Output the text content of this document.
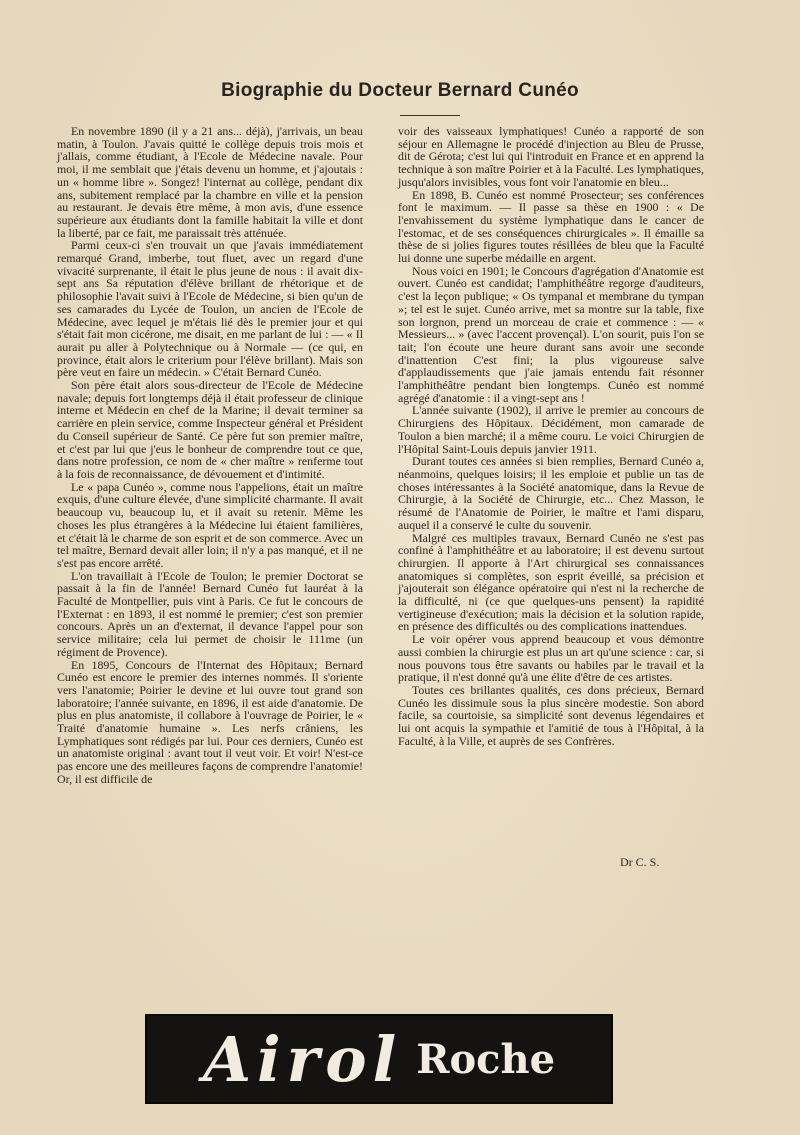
Biographie du Docteur Bernard Cunéo

En novembre 1890 (il y a 21 ans... déjà), j'arrivais, un beau matin, à Toulon. J'avais quitté le collège depuis trois mois et j'allais, comme étudiant, à l'Ecole de Médecine navale. Pour moi, il me semblait que j'étais devenu un homme, et j'ajoutais : un « homme libre ». Songez! l'internat au collège, pendant dix ans, subitement remplacé par la chambre en ville et la pension au restaurant. Je devais être même, à mon avis, d'une essence supérieure aux étudiants dont la famille habitait la ville et dont la liberté, par ce fait, me paraissait très atténuée.

Parmi ceux-ci s'en trouvait un que j'avais immédiatement remarqué Grand, imberbe, tout fluet, avec un regard d'une vivacité surprenante, il était le plus jeune de nous : il avait dix-sept ans Sa réputation d'élève brillant de rhétorique et de philosophie l'avait suivi à l'Ecole de Médecine, si bien qu'un de ses camarades du Lycée de Toulon, un ancien de l'Ecole de Médecine, avec lequel je m'étais lié dès le premier jour et qui s'était fait mon cicérone, me disait, en me parlant de lui : — « Il aurait pu aller à Polytechnique ou à Normale — (ce qui, en province, était alors le criterium pour l'élève brillant). Mais son père veut en faire un médecin. » C'était Bernard Cunéo.

Son père était alors sous-directeur de l'Ecole de Médecine navale; depuis fort longtemps déjà il était professeur de clinique interne et Médecin en chef de la Marine; il devait terminer sa carrière en plein service, comme Inspecteur général et Président du Conseil supérieur de Santé. Ce père fut son premier maître, et c'est par lui que j'eus le bonheur de comprendre tout ce que, dans notre profession, ce nom de « cher maître » renferme tout à la fois de reconnaissance, de dévouement et d'intimité.

Le « papa Cunéo », comme nous l'appelions, était un maître exquis, d'une culture élevée, d'une simplicité charmante. Il avait beaucoup vu, beaucoup lu, et il avait su retenir. Même les choses les plus étrangères à la Médecine lui étaient familières, et c'était là le charme de son esprit et de son commerce. Avec un tel maître, Bernard devait aller loin; il n'y a pas manqué, et il ne s'est pas encore arrêté.

L'on travaillait à l'Ecole de Toulon; le premier Doctorat se passait à la fin de l'année! Bernard Cunéo fut lauréat à la Faculté de Montpellier, puis vint à Paris. Ce fut le concours de l'Externat : en 1893, il est nommé le premier; c'est son premier concours. Après un an d'externat, il devance l'appel pour son service militaire; cela lui permet de choisir le 111me (un régiment de Provence).

En 1895, Concours de l'Internat des Hôpitaux; Bernard Cunéo est encore le premier des internes nommés. Il s'oriente vers l'anatomie; Poirier le devine et lui ouvre tout grand son laboratoire; l'année suivante, en 1896, il est aide d'anatomie. De plus en plus anatomiste, il collabore à l'ouvrage de Poirier, le « Traité d'anatomie humaine ». Les nerfs crâniens, les Lymphatiques sont rédigés par lui. Pour ces derniers, Cunéo est un anatomiste original : avant tout il veut voir. Et voir! N'est-ce pas encore une des meilleures façons de comprendre l'anatomie! Or, il est difficile de

voir des vaisseaux lymphatiques! Cunéo a rapporté de son séjour en Allemagne le procédé d'injection au Bleu de Prusse, dit de Gérota; c'est lui qui l'introduit en France et en apprend la technique à son maître Poirier et à la Faculté. Les lymphatiques, jusqu'alors invisibles, vous font voir l'anatomie en bleu...

En 1898, B. Cunéo est nommé Prosecteur; ses conférences font le maximum. — Il passe sa thèse en 1900 : « De l'envahissement du système lymphatique dans le cancer de l'estomac, et de ses conséquences chirurgicales ». Il émaille sa thèse de si jolies figures toutes résillées de bleu que la Faculté lui donne une superbe médaille en argent.

Nous voici en 1901; le Concours d'agrégation d'Anatomie est ouvert. Cunéo est candidat; l'amphithéâtre regorge d'auditeurs, c'est la leçon publique; « Os tympanal et membrane du tympan »; tel est le sujet. Cunéo arrive, met sa montre sur la table, fixe son lorgnon, prend un morceau de craie et commence : — « Messieurs... » (avec l'accent provençal). L'on sourit, puis l'on se tait; l'on écoute une heure durant sans avoir une seconde d'inattention C'est fini; la plus vigoureuse salve d'applaudissements que j'aie jamais entendu fait résonner l'amphithéâtre pendant bien longtemps. Cunéo est nommé agrégé d'anatomie : il a vingt-sept ans !

L'année suivante (1902), il arrive le premier au concours de Chirurgiens des Hôpitaux. Décidément, mon camarade de Toulon a bien marché; il a même couru. Le voici Chirurgien de l'Hôpital Saint-Louis depuis janvier 1911.

Durant toutes ces années si bien remplies, Bernard Cunéo a, néanmoins, quelques loisirs; il les emploie et publie un tas de choses intéressantes à la Société anatomique, dans la Revue de Chirurgie, à la Société de Chirurgie, etc... Chez Masson, le résumé de l'Anatomie de Poirier, le maître et l'ami disparu, auquel il a conservé le culte du souvenir.

Malgré ces multiples travaux, Bernard Cunéo ne s'est pas confiné à l'amphithéâtre et au laboratoire; il est devenu surtout chirurgien. Il apporte à l'Art chirurgical ses connaissances anatomiques si complètes, son esprit éveillé, sa précision et j'ajouterait son élégance opératoire qui n'est ni la recherche de la difficulté, ni (ce que quelques-uns pensent) la rapidité vertigineuse d'exécution; mais la décision et la solution rapide, en présence des difficultés ou des complications inattendues.

Le voir opérer vous apprend beaucoup et vous démontre aussi combien la chirurgie est plus un art qu'une science : car, si nous pouvons tous être savants ou habiles par le travail et la pratique, il n'est donné qu'à une élite d'être de ces artistes.

Toutes ces brillantes qualités, ces dons précieux, Bernard Cunéo les dissimule sous la plus sincère modestie. Son abord facile, sa courtoisie, sa simplicité sont devenus légendaires et lui ont acquis la sympathie et l'amitié de tous à l'Hôpital, à la Faculté, à la Ville, et auprès de ses Confrères.

Dr C. S.
Airol Roche
